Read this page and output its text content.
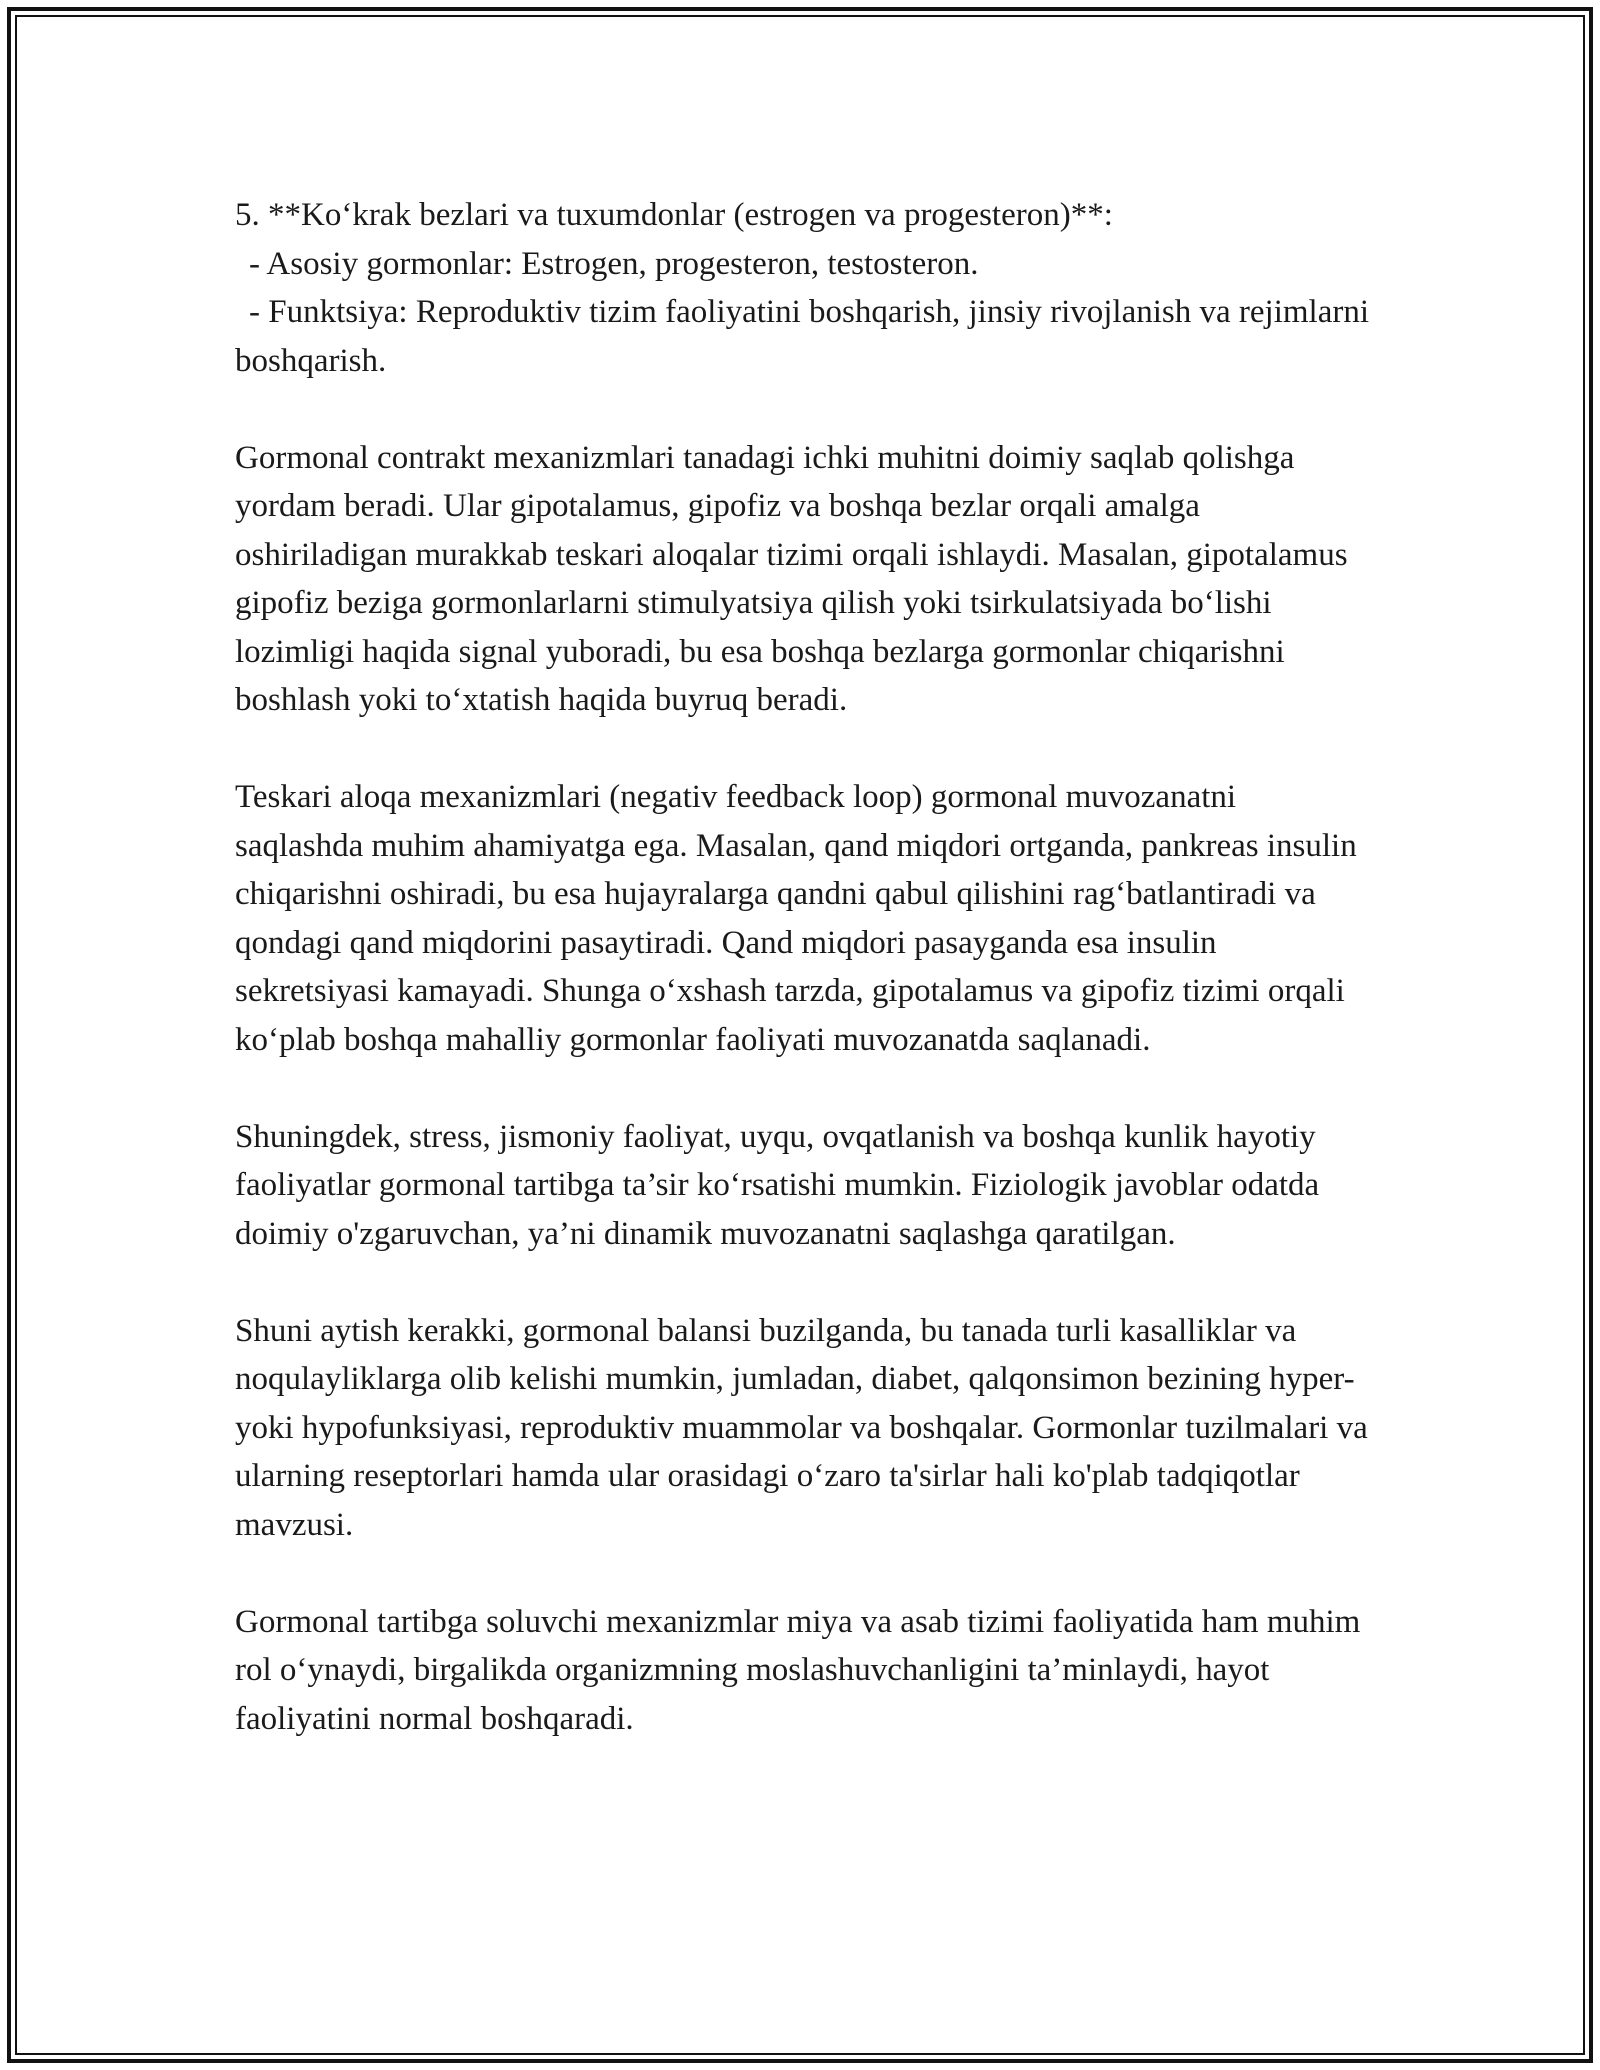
5. **Ko‘krak bezlari va tuxumdonlar (estrogen va progesteron)**:

- Asosiy gormonlar: Estrogen, progesteron, testosteron.

- Funktsiya: Reproduktiv tizim faoliyatini boshqarish, jinsiy rivojlanish va rejimlarni boshqarish.

Gormonal contrakt mexanizmlari tanadagi ichki muhitni doimiy saqlab qolishga yordam beradi. Ular gipotalamus, gipofiz va boshqa bezlar orqali amalga oshiriladigan murakkab teskari aloqalar tizimi orqali ishlaydi. Masalan, gipotalamus gipofiz beziga gormonlarlarni stimulyatsiya qilish yoki tsirkulatsiyada bo‘lishi lozimligi haqida signal yuboradi, bu esa boshqa bezlarga gormonlar chiqarishni boshlash yoki to‘xtatish haqida buyruq beradi.

Teskari aloqa mexanizmlari (negativ feedback loop) gormonal muvozanatni saqlashda muhim ahamiyatga ega. Masalan, qand miqdori ortganda, pankreas insulin chiqarishni oshiradi, bu esa hujayralarga qandni qabul qilishini rag‘batlantiradi va qondagi qand miqdorini pasaytiradi. Qand miqdori pasayganda esa insulin sekretsiyasi kamayadi. Shunga o‘xshash tarzda, gipotalamus va gipofiz tizimi orqali ko‘plab boshqa mahalliy gormonlar faoliyati muvozanatda saqlanadi.

Shuningdek, stress, jismoniy faoliyat, uyqu, ovqatlanish va boshqa kunlik hayotiy faoliyatlar gormonal tartibga ta’sir ko‘rsatishi mumkin. Fiziologik javoblar odatda doimiy o'zgaruvchan, ya’ni dinamik muvozanatni saqlashga qaratilgan.

Shuni aytish kerakki, gormonal balansi buzilganda, bu tanada turli kasalliklar va noqulayliklarga olib kelishi mumkin, jumladan, diabet, qalqonsimon bezining hyper- yoki hypofunksiyasi, reproduktiv muammolar va boshqalar. Gormonlar tuzilmalari va ularning reseptorlari hamda ular orasidagi o‘zaro ta'sirlar hali ko'plab tadqiqotlar mavzusi.

Gormonal tartibga soluvchi mexanizmlar miya va asab tizimi faoliyatida ham muhim rol o‘ynaydi, birgalikda organizmning moslashuvchanligini ta’minlaydi, hayot faoliyatini normal boshqaradi.
